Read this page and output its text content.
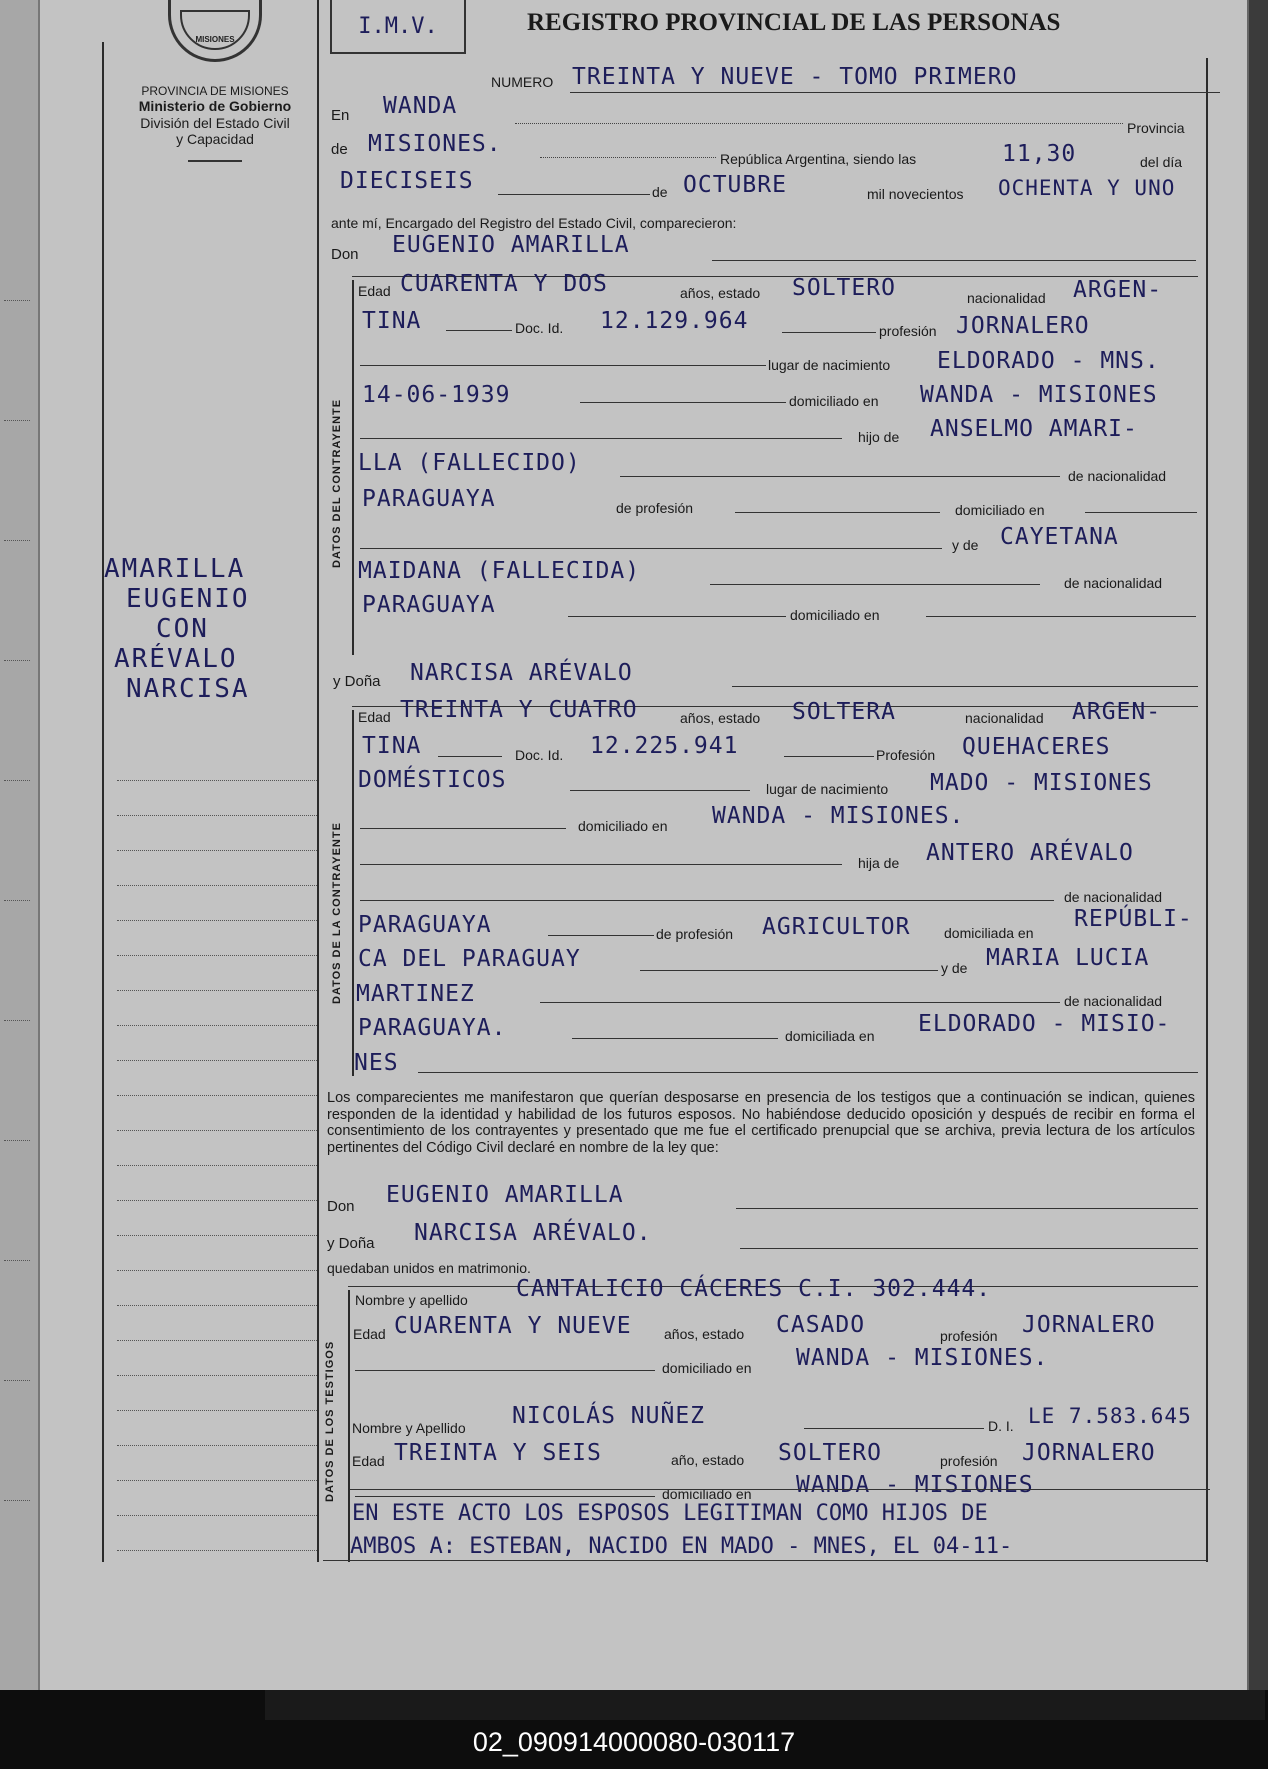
MISIONES
PROVINCIA DE MISIONES
Ministerio de Gobierno
División del Estado Civil
y Capacidad
AMARILLA
EUGENIO
CON
ARÉVALO
NARCISA
I.M.V.	REGISTRO PROVINCIAL DE LAS PERSONAS
NUMERO TREINTA Y NUEVE - TOMO PRIMERO
En WANDA
Provincia
de MISIONES.
República Argentina, siendo las	11,30	del día
DIECISEIS	de OCTUBRE	mil novecientos OCHENTA Y UNO
ante mí, Encargado del Registro del Estado Civil, comparecieron:
Don EUGENIO AMARILLA
DATOS DEL CONTRAYENTE
Edad CUARENTA Y DOS	años, estado SOLTERO	nacionalidad ARGEN-
TINA	Doc. Id. 12.129.964	profesión JORNALERO
lugar de nacimiento ELDORADO - MNS.
14-06-1939	domiciliado en WANDA - MISIONES
hijo de ANSELMO AMARI-
LLA (FALLECIDO)	de nacionalidad
PARAGUAYA	de profesión	domiciliado en
y de CAYETANA
MAIDANA (FALLECIDA)	de nacionalidad
PARAGUAYA	domiciliado en
y Doña NARCISA ARÉVALO
DATOS DE LA CONTRAYENTE
Edad TREINTA Y CUATRO	años, estado SOLTERA	nacionalidad ARGEN-
TINA	Doc. Id. 12.225.941	Profesión QUEHACERES
DOMÉSTICOS	lugar de nacimiento MADO - MISIONES
domiciliado en WANDA - MISIONES.
hija de ANTERO ARÉVALO
de nacionalidad
PARAGUAYA	de profesión AGRICULTOR domiciliada en
REPÚBLI-
CA DEL PARAGUAY	y de MARIA LUCIA
MARTINEZ	de nacionalidad
PARAGUAYA.	domiciliada en ELDORADO - MISIO-
NES
Los comparecientes me manifestaron que querían desposarse en presencia de los testigos que a continuación se indican, quienes responden de la identidad y habilidad de los futuros esposos. No habiéndose deducido oposición y después de recibir en forma el consentimiento de los contrayentes y presentado que me fue el certificado prenupcial que se archiva, previa lectura de los artículos pertinentes del Código Civil declaré en nombre de la ley que:
Don EUGENIO AMARILLA
y Doña NARCISA ARÉVALO.
quedaban unidos en matrimonio.
DATOS DE LOS TESTIGOS
Nombre y apellido CANTALICIO CÁCERES C.I. 302.444.
Edad CUARENTA Y NUEVE años, estado CASADO	profesión JORNALERO
domiciliado en WANDA - MISIONES.
Nombre y Apellido NICOLÁS NUÑEZ	D. I. LE 7.583.645
Edad TREINTA Y SEIS	año, estado SOLTERO	profesión JORNALERO
domiciliado en WANDA - MISIONES
EN ESTE ACTO LOS ESPOSOS LEGITIMAN COMO HIJOS DE
AMBOS A: ESTEBAN, NACIDO EN MADO - MNES, EL 04-11-
02_090914000080-030117
